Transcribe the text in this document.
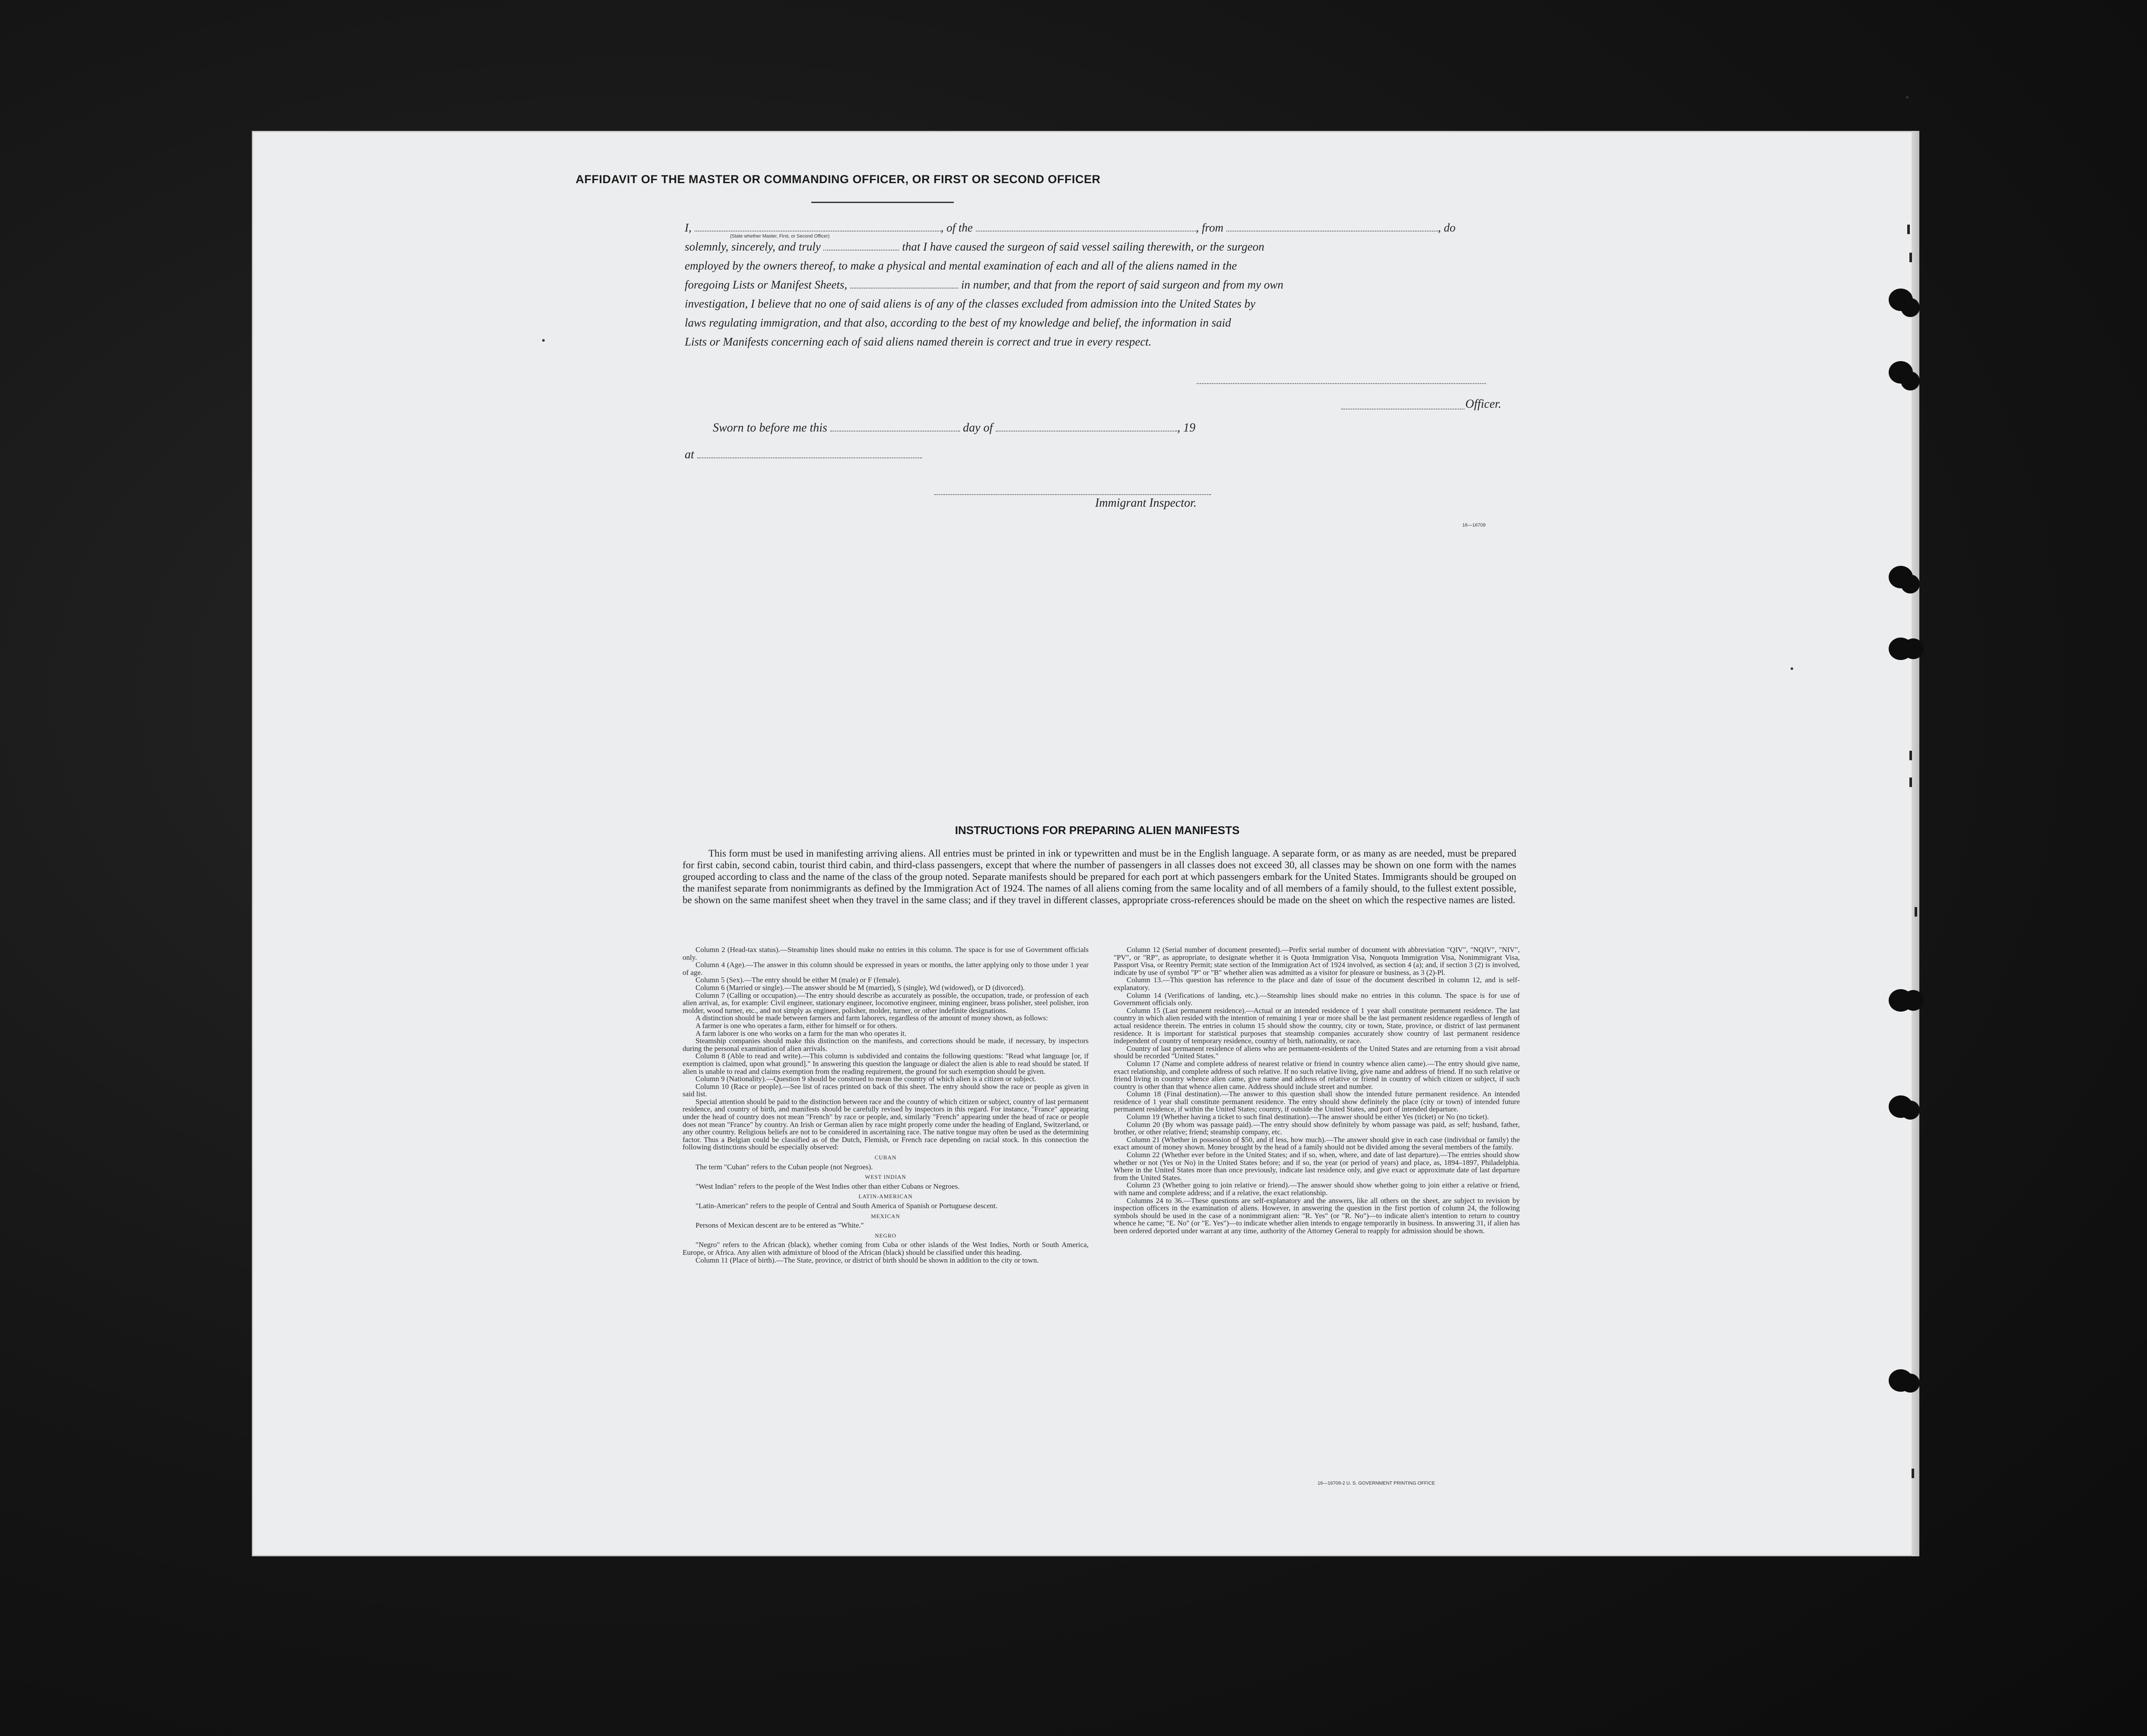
AFFIDAVIT OF THE MASTER OR COMMANDING OFFICER, OR FIRST OR SECOND OFFICER
I,	, of the	, from	, do
solemnly, sincerely, and truly	that I have caused the surgeon of said vessel sailing therewith, or the surgeon
employed by the owners thereof, to make a physical and mental examination of each and all of the aliens named in the
foregoing Lists or Manifest Sheets,	in number, and that from the report of said surgeon and from my own
investigation, I believe that no one of said aliens is of any of the classes excluded from admission into the United States by
laws regulating immigration, and that also, according to the best of my knowledge and belief, the information in said
Lists or Manifests concerning each of said aliens named therein is correct and true in every respect.
(State whether Master, First, or Second Officer)
Officer.
Sworn to before me this	day of	, 19
at
Immigrant Inspector.
16—16709
INSTRUCTIONS FOR PREPARING ALIEN MANIFESTS
This form must be used in manifesting arriving aliens. All entries must be printed in ink or typewritten and must be in the English language. A separate form, or as many as are needed, must be prepared for first cabin, second cabin, tourist third cabin, and third-class passengers, except that where the number of passengers in all classes does not exceed 30, all classes may be shown on one form with the names grouped according to class and the name of the class of the group noted. Separate manifests should be prepared for each port at which passengers embark for the United States. Immigrants should be grouped on the manifest separate from nonimmigrants as defined by the Immigration Act of 1924. The names of all aliens coming from the same locality and of all members of a family should, to the fullest extent possible, be shown on the same manifest sheet when they travel in the same class; and if they travel in different classes, appropriate cross-references should be made on the sheet on which the respective names are listed.

Column 2 (Head-tax status).—Steamship lines should make no entries in this column. The space is for use of Government officials only.

Column 4 (Age).—The answer in this column should be expressed in years or months, the latter applying only to those under 1 year of age.

Column 5 (Sex).—The entry should be either M (male) or F (female).

Column 6 (Married or single).—The answer should be M (married), S (single), Wd (widowed), or D (divorced).

Column 7 (Calling or occupation).—The entry should describe as accurately as possible, the occupation, trade, or profession of each alien arrival, as, for example: Civil engineer, stationary engineer, locomotive engineer, mining engineer, brass polisher, steel polisher, iron molder, wood turner, etc., and not simply as engineer, polisher, molder, turner, or other indefinite designations.

A distinction should be made between farmers and farm laborers, regardless of the amount of money shown, as follows:

A farmer is one who operates a farm, either for himself or for others.

A farm laborer is one who works on a farm for the man who operates it.

Steamship companies should make this distinction on the manifests, and corrections should be made, if necessary, by inspectors during the personal examination of alien arrivals.

Column 8 (Able to read and write).—This column is subdivided and contains the following questions: "Read what language [or, if exemption is claimed, upon what ground]." In answering this question the language or dialect the alien is able to read should be stated. If alien is unable to read and claims exemption from the reading requirement, the ground for such exemption should be given.

Column 9 (Nationality).—Question 9 should be construed to mean the country of which alien is a citizen or subject.

Column 10 (Race or people).—See list of races printed on back of this sheet. The entry should show the race or people as given in said list.

Special attention should be paid to the distinction between race and the country of which citizen or subject, country of last permanent residence, and country of birth, and manifests should be carefully revised by inspectors in this regard. For instance, "France" appearing under the head of country does not mean "French" by race or people, and, similarly "French" appearing under the head of race or people does not mean "France" by country. An Irish or German alien by race might properly come under the heading of England, Switzerland, or any other country. Religious beliefs are not to be considered in ascertaining race. The native tongue may often be used as the determining factor. Thus a Belgian could be classified as of the Dutch, Flemish, or French race depending on racial stock. In this connection the following distinctions should be especially observed:

CUBAN

The term "Cuban" refers to the Cuban people (not Negroes).

WEST INDIAN

"West Indian" refers to the people of the West Indies other than either Cubans or Negroes.

LATIN-AMERICAN

"Latin-American" refers to the people of Central and South America of Spanish or Portuguese descent.

MEXICAN

Persons of Mexican descent are to be entered as "White."

NEGRO

"Negro" refers to the African (black), whether coming from Cuba or other islands of the West Indies, North or South America, Europe, or Africa. Any alien with admixture of blood of the African (black) should be classified under this heading.

Column 11 (Place of birth).—The State, province, or district of birth should be shown in addition to the city or town.

Column 12 (Serial number of document presented).—Prefix serial number of document with abbreviation "QIV", "NQIV", "NIV", "PV", or "RP", as appropriate, to designate whether it is Quota Immigration Visa, Nonquota Immigration Visa, Nonimmigrant Visa, Passport Visa, or Reentry Permit; state section of the Immigration Act of 1924 involved, as section 4 (a); and, if section 3 (2) is involved, indicate by use of symbol "P" or "B" whether alien was admitted as a visitor for pleasure or business, as 3 (2)-Pl.

Column 13.—This question has reference to the place and date of issue of the document described in column 12, and is self-explanatory.

Column 14 (Verifications of landing, etc.).—Steamship lines should make no entries in this column. The space is for use of Government officials only.

Column 15 (Last permanent residence).—Actual or an intended residence of 1 year shall constitute permanent residence. The last country in which alien resided with the intention of remaining 1 year or more shall be the last permanent residence regardless of length of actual residence therein. The entries in column 15 should show the country, city or town, State, province, or district of last permanent residence. It is important for statistical purposes that steamship companies accurately show country of last permanent residence independent of country of temporary residence, country of birth, nationality, or race.

Country of last permanent residence of aliens who are permanent-residents of the United States and are returning from a visit abroad should be recorded "United States."

Column 17 (Name and complete address of nearest relative or friend in country whence alien came).—The entry should give name, exact relationship, and complete address of such relative. If no such relative living, give name and address of friend. If no such relative or friend living in country whence alien came, give name and address of relative or friend in country of which citizen or subject, if such country is other than that whence alien came. Address should include street and number.

Column 18 (Final destination).—The answer to this question shall show the intended future permanent residence. An intended residence of 1 year shall constitute permanent residence. The entry should show definitely the place (city or town) of intended future permanent residence, if within the United States; country, if outside the United States, and port of intended departure.

Column 19 (Whether having a ticket to such final destination).—The answer should be either Yes (ticket) or No (no ticket).

Column 20 (By whom was passage paid).—The entry should show definitely by whom passage was paid, as self; husband, father, brother, or other relative; friend; steamship company, etc.

Column 21 (Whether in possession of $50, and if less, how much).—The answer should give in each case (individual or family) the exact amount of money shown. Money brought by the head of a family should not be divided among the several members of the family.

Column 22 (Whether ever before in the United States; and if so, when, where, and date of last departure).—The entries should show whether or not (Yes or No) in the United States before; and if so, the year (or period of years) and place, as, 1894–1897, Philadelphia. Where in the United States more than once previously, indicate last residence only, and give exact or approximate date of last departure from the United States.

Column 23 (Whether going to join relative or friend).—The answer should show whether going to join either a relative or friend, with name and complete address; and if a relative, the exact relationship.

Columns 24 to 36.—These questions are self-explanatory and the answers, like all others on the sheet, are subject to revision by inspection officers in the examination of aliens. However, in answering the question in the first portion of column 24, the following symbols should be used in the case of a nonimmigrant alien: "R. Yes" (or "R. No")—to indicate alien's intention to return to country whence he came; "E. No" (or "E. Yes")—to indicate whether alien intends to engage temporarily in business. In answering 31, if alien has been ordered deported under warrant at any time, authority of the Attorney General to reapply for admission should be shown.

16—16709-2 U. S. GOVERNMENT PRINTING OFFICE
